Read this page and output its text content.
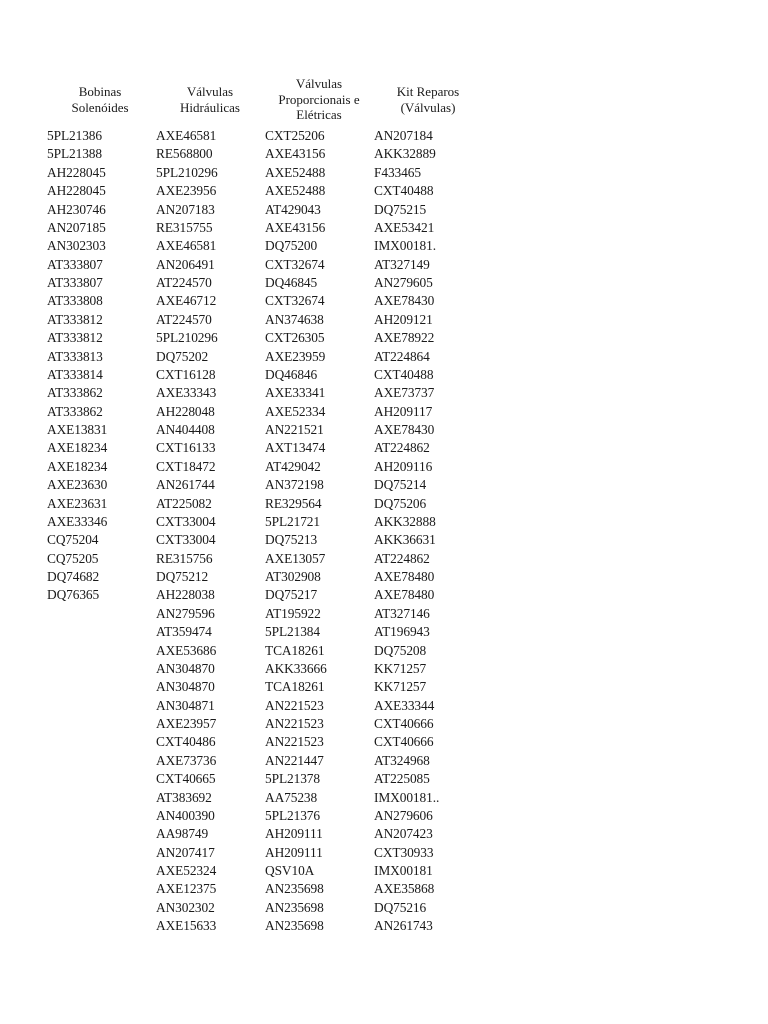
Bobinas
Solenóides
Válvulas
Hidráulicas
Válvulas
Proporcionais e
Elétricas
Kit Reparos
(Válvulas)
5PL21386
5PL21388
AH228045
AH228045
AH230746
AN207185
AN302303
AT333807
AT333807
AT333808
AT333812
AT333812
AT333813
AT333814
AT333862
AT333862
AXE13831
AXE18234
AXE18234
AXE23630
AXE23631
AXE33346
CQ75204
CQ75205
DQ74682
DQ76365
AXE46581
RE568800
5PL210296
AXE23956
AN207183
RE315755
AXE46581
AN206491
AT224570
AXE46712
AT224570
5PL210296
DQ75202
CXT16128
AXE33343
AH228048
AN404408
CXT16133
CXT18472
AN261744
AT225082
CXT33004
CXT33004
RE315756
DQ75212
AH228038
AN279596
AT359474
AXE53686
AN304870
AN304870
AN304871
AXE23957
CXT40486
AXE73736
CXT40665
AT383692
AN400390
AA98749
AN207417
AXE52324
AXE12375
AN302302
AXE15633
CXT25206
AXE43156
AXE52488
AXE52488
AT429043
AXE43156
DQ75200
CXT32674
DQ46845
CXT32674
AN374638
CXT26305
AXE23959
DQ46846
AXE33341
AXE52334
AN221521
AXT13474
AT429042
AN372198
RE329564
5PL21721
DQ75213
AXE13057
AT302908
DQ75217
AT195922
5PL21384
TCA18261
AKK33666
TCA18261
AN221523
AN221523
AN221523
AN221447
5PL21378
AA75238
5PL21376
AH209111
AH209111
QSV10A
AN235698
AN235698
AN235698
AN207184
AKK32889
F433465
CXT40488
DQ75215
AXE53421
IMX00181.
AT327149
AN279605
AXE78430
AH209121
AXE78922
AT224864
CXT40488
AXE73737
AH209117
AXE78430
AT224862
AH209116
DQ75214
DQ75206
AKK32888
AKK36631
AT224862
AXE78480
AXE78480
AT327146
AT196943
DQ75208
KK71257
KK71257
AXE33344
CXT40666
CXT40666
AT324968
AT225085
IMX00181..
AN279606
AN207423
CXT30933
IMX00181
AXE35868
DQ75216
AN261743
